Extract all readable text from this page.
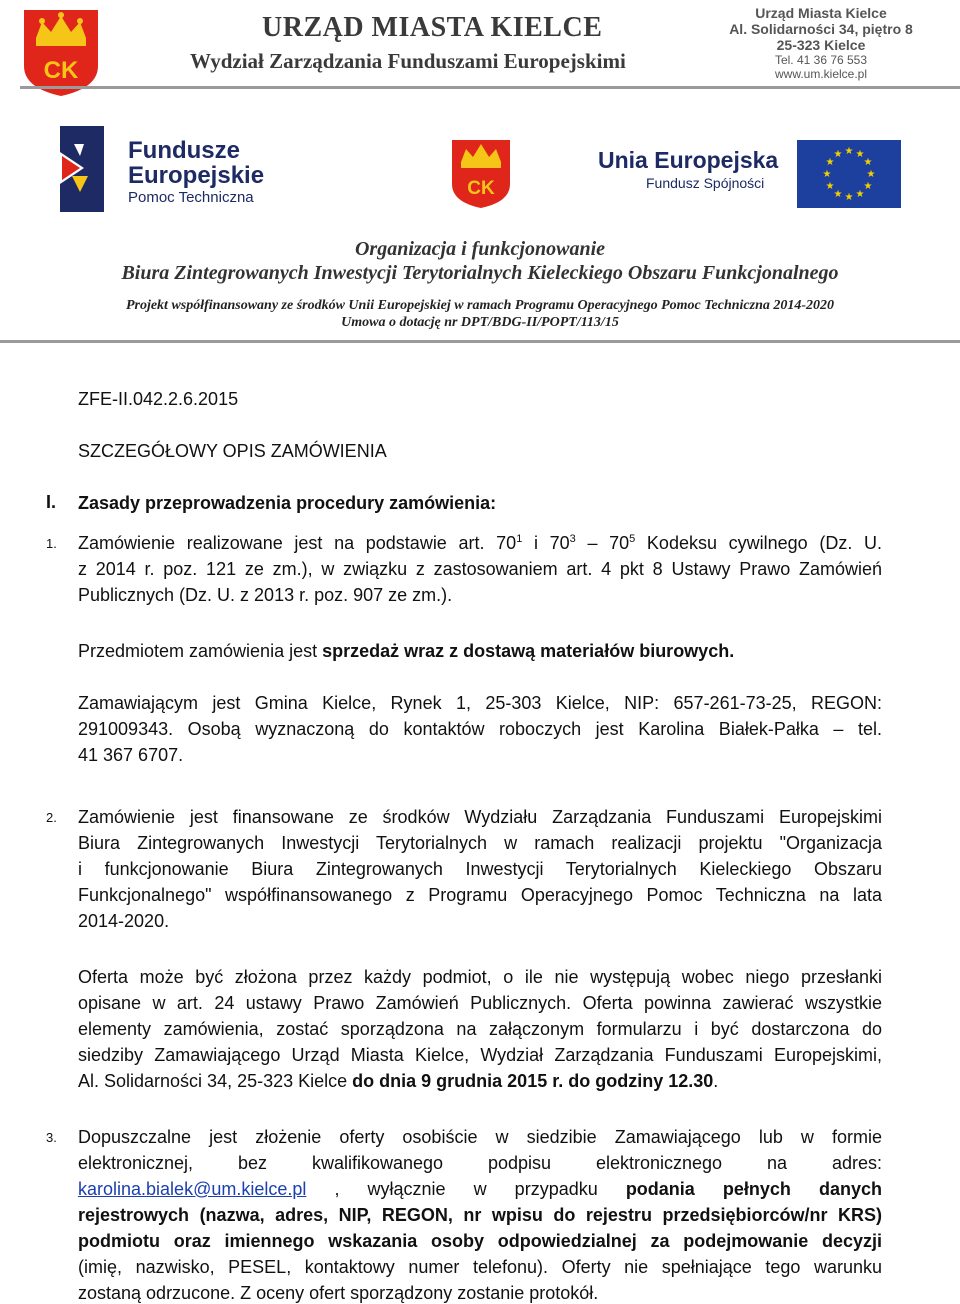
CK
URZĄD MIASTA KIELCE
Wydział Zarządzania Funduszami Europejskimi
Urząd Miasta Kielce
Al. Solidarności 34, piętro 8
25-323 Kielce
Tel. 41 36 76 553
www.um.kielce.pl
Fundusze
Europejskie
Pomoc Techniczna	CK
Unia Europejska
Fundusz Spójności
★ ★
★
★
★
★
★
★
★
★
★
★
Organizacja i funkcjonowanie
Biura Zintegrowanych Inwestycji Terytorialnych Kieleckiego Obszaru Funkcjonalnego
Projekt współfinansowany ze środków Unii Europejskiej w ramach Programu Operacyjnego Pomoc Techniczna 2014-2020
Umowa o dotację nr DPT/BDG-II/POPT/113/15
ZFE-II.042.2.6.2015
SZCZEGÓŁOWY OPIS ZAMÓWIENIA
I. Zasady przeprowadzenia procedury zamówienia:
1. Zamówienie realizowane jest na podstawie art. $70^1$ i $70^3 - 70^5$ Kodeksu cywilnego (Dz. U.
z 2014 r. poz. 121 ze zm.), w związku z zastosowaniem art. 4 pkt 8 Ustawy Prawo Zamówień
Publicznych (Dz. U. z 2013 r. poz. 907 ze zm.).
Przedmiotem zamówienia jest sprzedaż wraz z dostawą materiałów biurowych.
Zamawiającym jest Gmina Kielce, Rynek 1, 25-303 Kielce, NIP: 657-261-73-25, REGON:
291009343. Osobą wyznaczoną do kontaktów roboczych jest Karolina Białek-Pałka – tel.
41 367 6707.
2. Zamówienie jest finansowane ze środków Wydziału Zarządzania Funduszami Europejskimi
Biura Zintegrowanych Inwestycji Terytorialnych w ramach realizacji projektu "Organizacja
i funkcjonowanie Biura Zintegrowanych Inwestycji Terytorialnych Kieleckiego Obszaru
Funkcjonalnego" współfinansowanego z Programu Operacyjnego Pomoc Techniczna na lata
2014-2020.
Oferta może być złożona przez każdy podmiot, o ile nie występują wobec niego przesłanki
opisane w art. 24 ustawy Prawo Zamówień Publicznych. Oferta powinna zawierać wszystkie
elementy zamówienia, zostać sporządzona na załączonym formularzu i być dostarczona do
siedziby Zamawiającego Urząd Miasta Kielce, Wydział Zarządzania Funduszami Europejskimi,
Al. Solidarności 34, 25-323 Kielce do dnia 9 grudnia 2015 r. do godziny 12.30.
3. Dopuszczalne jest złożenie oferty osobiście w siedzibie Zamawiającego lub w formie
elektronicznej, bez kwalifikowanego podpisu elektronicznego na adres:
karolina.bialek@um.kielce.pl , wyłącznie w przypadku podania pełnych danych
rejestrowych (nazwa, adres, NIP, REGON, nr wpisu do rejestru przedsiębiorców/nr KRS)
podmiotu oraz imiennego wskazania osoby odpowiedzialnej za podejmowanie decyzji
(imię, nazwisko, PESEL, kontaktowy numer telefonu). Oferty nie spełniające tego warunku
zostaną odrzucone. Z oceny ofert sporządzony zostanie protokół.
